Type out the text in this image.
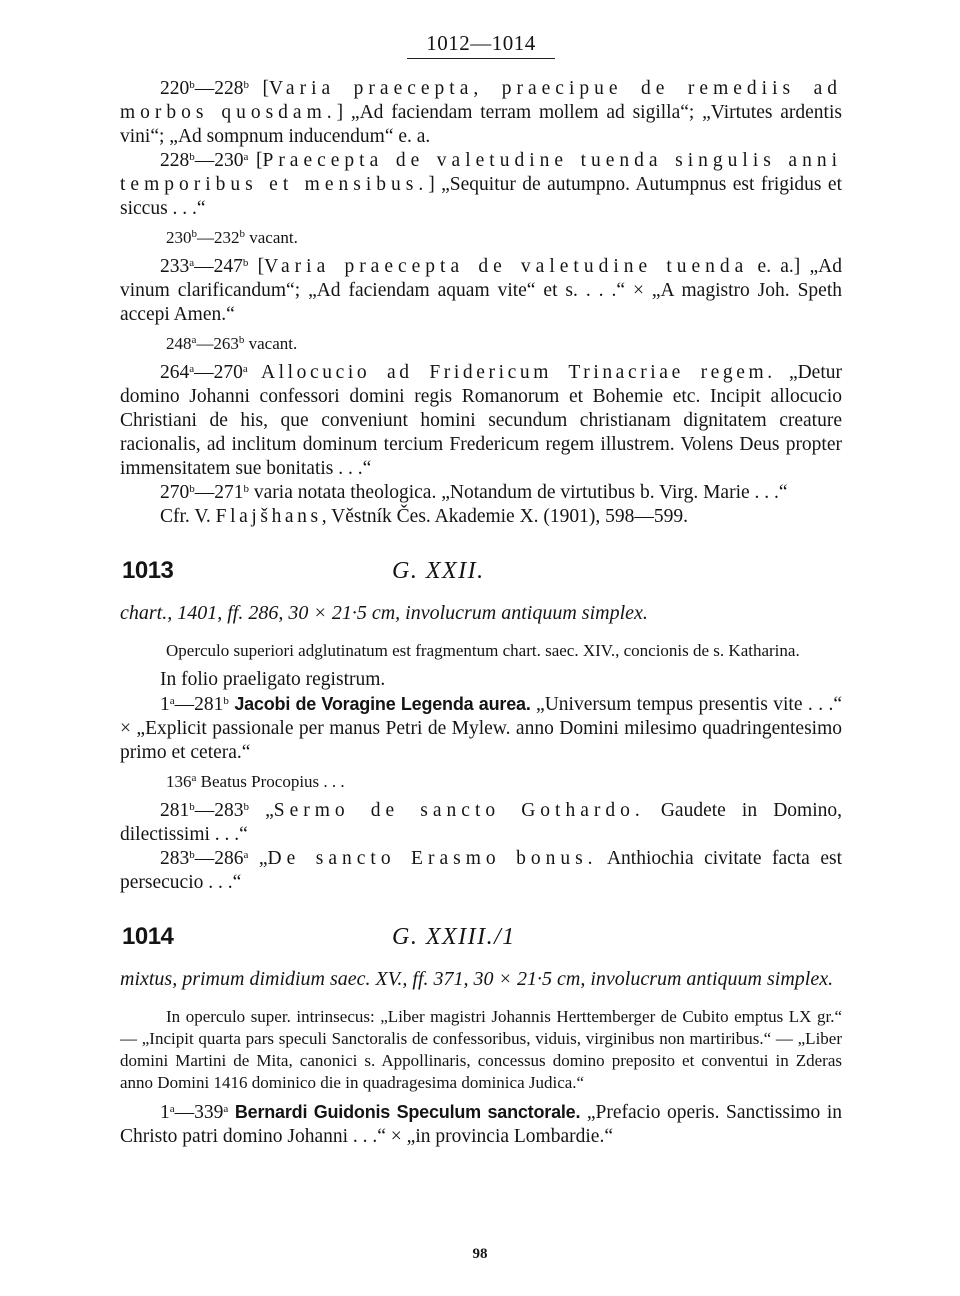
1012—1014

220$^b$—228$^b$ [Varia praecepta, praecipue de remediis ad morbos quosdam.] „Ad faciendam terram mollem ad sigilla“; „Virtutes ardentis vini“; „Ad sompnum inducendum“ e. a.

228$^b$—230$^a$ [Praecepta de valetudine tuenda singulis anni temporibus et mensibus.] „Sequitur de autumpno. Autumpnus est frigidus et siccus . . .“

230$^b$—232$^b$ vacant.

233$^a$—247$^b$ [Varia praecepta de valetudine tuenda e. a.] „Ad vinum clarificandum“; „Ad faciendam aquam vite“ et s. . . .“ × „A magistro Joh. Speth accepi Amen.“

248$^a$—263$^b$ vacant.

264$^a$—270$^a$ Allocucio ad Fridericum Trinacriae regem. „Detur domino Johanni confessori domini regis Romanorum et Bohemie etc. Incipit allocucio Christiani de his, que conveniunt homini secundum christianam dignitatem creature racionalis, ad inclitum dominum tercium Fredericum regem illustrem. Volens Deus propter immensitatem sue bonitatis . . .“

270$^b$—271$^b$ varia notata theologica. „Notandum de virtutibus b. Virg. Marie . . .“

Cfr. V. Flajšhans, Věstník Čes. Akademie X. (1901), 598—599.

1013	G. XXII.

chart., 1401, ff. 286, 30 × 21·5 cm, involucrum antiquum simplex.

Operculo superiori adglutinatum est fragmentum chart. saec. XIV., concionis de s. Katharina.

In folio praeligato registrum.

1$^a$—281$^b$ Jacobi de Voragine Legenda aurea. „Universum tempus presentis vite . . .“ × „Explicit passionale per manus Petri de Mylew. anno Domini milesimo quadringentesimo primo et cetera.“

136$^a$ Beatus Procopius . . .

281$^b$—283$^b$ „Sermo de sancto Gothardo. Gaudete in Domino, dilectissimi . . .“

283$^b$—286$^a$ „De sancto Erasmo bonus. Anthiochia civitate facta est persecucio . . .“

1014	G. XXIII./1

mixtus, primum dimidium saec. XV., ff. 371, 30 × 21·5 cm, involucrum antiquum simplex.

In operculo super. intrinsecus: „Liber magistri Johannis Herttemberger de Cubito emptus LX gr.“ — „Incipit quarta pars speculi Sanctoralis de confessoribus, viduis, virginibus non martiribus.“ — „Liber domini Martini de Mita, canonici s. Appollinaris, concessus domino preposito et conventui in Zderas anno Domini 1416 dominico die in quadragesima dominica Judica.“

1$^a$—339$^a$ Bernardi Guidonis Speculum sanctorale. „Prefacio operis. Sanctissimo in Christo patri domino Johanni . . .“ × „in provincia Lombardie.“

98
